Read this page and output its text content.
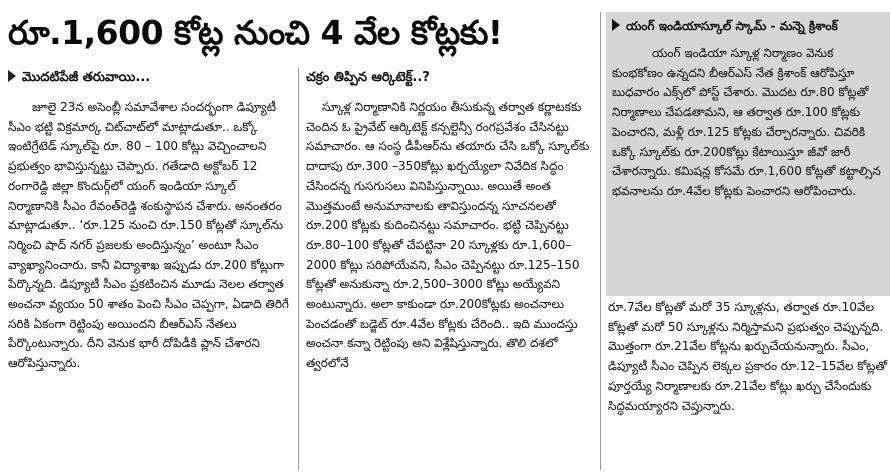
రూ.1,600 కోట్ల నుంచి 4 వేల కోట్లకు!
మొదటిపేజీ తరువాయి...

జూలై 23న అసెంబ్లీ సమావేశాల సందర్భంగా డిప్యూటీ సీఎం భట్టి విక్రమార్క చిట్‌చాట్‌లో మాట్లాడుతూ.. ఒక్కో ఇంటిగ్రేటెడ్‌ స్కూల్‌పై రూ. 80 – 100 కోట్లు వెచ్చించాలని ప్రభుత్వం భావిస్తున్నట్టు చెప్పారు. గతేడాది అక్టోబర్‌ 12 రంగారెడ్డి జిల్లా కొందుర్గ్‌లో యంగ్‌ ఇండియా స్కూల్‌ నిర్మాణానికి సీఎం రేవంత్‌రెడ్డి శంకుస్థాపన చేశారు. అనంతరం మాట్లాడుతూ.. ‘రూ.125 నుంచి రూ.150 కోట్లతో స్కూల్‌ను నిర్మించి షాద్‌ నగర్‌ ప్రజలకు అందిస్తున్నం’ అంటూ సీఎం వ్యాఖ్యానించారు. కానీ విద్యాశాఖ ఇప్పుడు రూ.200 కోట్లుగా పేర్కొన్నది. డిప్యూటీ సీఎం ప్రకటించిన మూడు నెలల తర్వాత అంచనా వ్యయం 50 శాతం పెంచి సీఎం చెప్పగా, ఏడాది తిరిగే సరికి ఏకంగా రెట్టింపు అయిందని బీఆర్‌ఎస్‌ నేతలు పేర్కొంటున్నారు. దీని వెనుక భారీ దోపిడీకి ప్లాన్‌ చేశారని ఆరోపిస్తున్నారు.

చక్రం తిప్పిన ఆర్కిటెక్ట్‌..?

స్కూళ్ల నిర్మాణానికి నిర్ణయం తీసుకున్న తర్వాత కర్ణాటకకు చెందిన ఓ ప్రైవేట్‌ ఆర్కిటెక్ట్‌ కన్సల్టెన్సీ రంగప్రవేశం చేసినట్టు సమాచారం. ఆ సంస్థ డీపీఆర్‌ను తయారు చేసి ఒక్కో స్కూల్‌కు దాదాపు రూ.300 –350కోట్లు ఖర్చయ్యేలా నివేదిక సిద్ధం చేసిందన్న గుసగుసలు వినిపిస్తున్నాయి. అయితే అంత మొత్తమంటే అనుమానాలకు తావిస్తుందన్న సూచనలతో రూ.200 కోట్లకు కుదించినట్టు సమాచారం. భట్టి చెప్పినట్టు రూ.80–100 కోట్లతో చేపట్టినా 20 స్కూళ్లకు రూ.1,600–2000 కోట్లు సరిపోయేవని, సీఎం చెప్పినట్టు రూ.125–150 కోట్లతో అనుకున్నా రూ.2,500–3000 కోట్లు అయ్యేవని అంటున్నారు. అలా కాకుండా రూ.200కోట్లకు అంచనాలు పెంచడంతో బడ్జెట్‌ రూ.4వేల కోట్లకు చేరింది.. ఇది ముందస్తు అంచనా కన్నా రెట్టింపు అని విశ్లేషిస్తున్నారు. తొలి దశలో త్వరలోనే

యంగ్‌ ఇండియాస్కూల్‌ స్కామ్‌ - మన్నె క్రిశాంక్‌

యంగ్‌ ఇండియా స్కూళ్ల నిర్మాణం వెనుక కుంభకోణం ఉన్నదని బీఆర్‌ఎస్‌ నేత క్రిశాంక్‌ ఆరోపిస్తూ బుధవారం ఎక్స్‌లో పోస్ట్‌ చేశారు. మొదట రూ.80 కోట్లతో నిర్మాణాలు చేపడతామని, ఆ తర్వాత రూ.100 కోట్లకు పెంచారని, మళ్లీ రూ.125 కోట్లకు చేర్చారన్నారు. చివరికి ఒక్కో స్కూల్‌కు రూ.200కోట్లు కేటాయిస్తూ జీవో జారీ చేశారన్నారు. కమిషన్ల కోసమే రూ.1,600 కోట్లతో కట్టాల్సిన భవనాలను రూ.4వేల కోట్లకు పెంచారని ఆరోపించారు.

రూ.7వేల కోట్లతో మరో 35 స్కూళ్లను, తర్వాత రూ.10వేల కోట్లతో మరో 50 స్కూళ్లను నిర్మిస్తామని ప్రభుత్వం చెప్పున్నది. మొత్తంగా రూ.21వేల కోట్లను ఖర్చుచేయనున్నారు. సీఎం, డిప్యూటీ సీఎం చెప్పిన లెక్కల ప్రకారం రూ.12–15వేల కోట్లతో పూర్తయ్యే నిర్మాణాలకు రూ.21వేల కోట్లు ఖర్చు చేసేందుకు సిద్ధమయ్యారని చెప్తున్నారు.
